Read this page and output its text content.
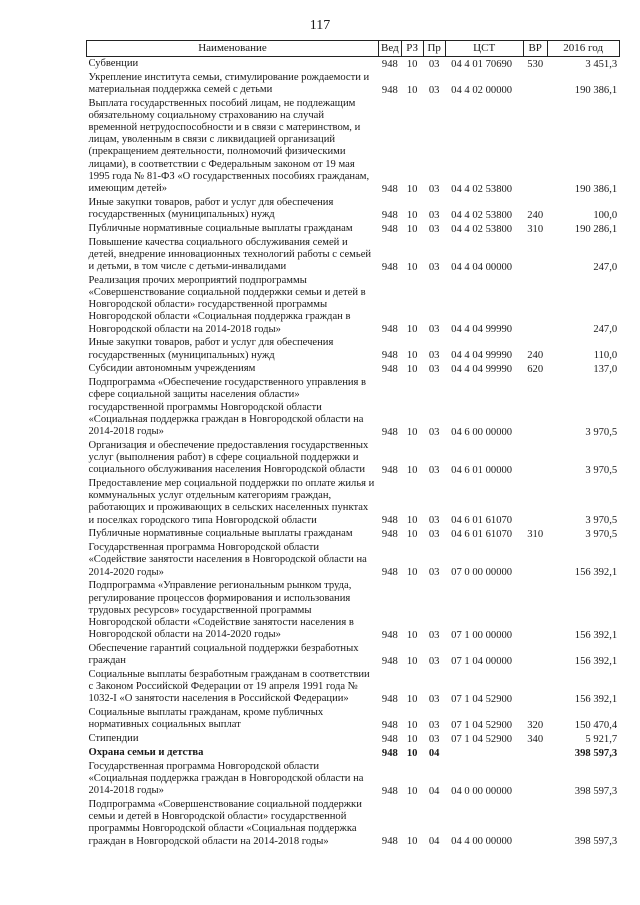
117
Наименование	Вед	РЗ	Пр	ЦСТ	ВР	2016 год
Субвенции	948	10	03	04 4 01 70690	530	3 451,3
Укрепление института семьи, стимулирование рождаемости и материальная поддержка семей с детьми	948	10	03	04 4 02 00000		190 386,1
Выплата государственных пособий лицам, не подлежащим обязательному социальному страхованию на случай временной нетрудоспособности и в связи с материнством, и лицам, уволенным в связи с ликвидацией организаций (прекращением деятельности, полномочий физическими лицами), в соответствии с Федеральным законом от 19 мая 1995 года № 81-ФЗ «О государственных пособиях гражданам, имеющим детей»	948	10	03	04 4 02 53800		190 386,1
Иные закупки товаров, работ и услуг для обеспечения государственных (муниципальных) нужд	948	10	03	04 4 02 53800	240	100,0
Публичные нормативные социальные выплаты гражданам	948	10	03	04 4 02 53800	310	190 286,1
Повышение качества социального обслуживания семей и детей, внедрение инновационных технологий работы с семьей и детьми, в том числе с детьми-инвалидами	948	10	03	04 4 04 00000		247,0
Реализация прочих мероприятий подпрограммы «Совершенствование социальной поддержки семьи и детей в Новгородской области» государственной программы Новгородской области «Социальная поддержка граждан в Новгородской области на 2014-2018 годы»	948	10	03	04 4 04 99990		247,0
Иные закупки товаров, работ и услуг для обеспечения государственных (муниципальных) нужд	948	10	03	04 4 04 99990	240	110,0
Субсидии автономным учреждениям	948	10	03	04 4 04 99990	620	137,0
Подпрограмма «Обеспечение государственного управления в сфере социальной защиты населения области» государственной программы Новгородской области «Социальная поддержка граждан в Новгородской области на 2014-2018 годы»	948	10	03	04 6 00 00000		3 970,5
Организация и обеспечение предоставления государственных услуг (выполнения работ) в сфере социальной поддержки и социального обслуживания населения Новгородской области	948	10	03	04 6 01 00000		3 970,5
Предоставление мер социальной поддержки по оплате жилья и коммунальных услуг отдельным категориям граждан, работающих и проживающих в сельских населенных пунктах и поселках городского типа Новгородской области	948	10	03	04 6 01 61070		3 970,5
Публичные нормативные социальные выплаты гражданам	948	10	03	04 6 01 61070	310	3 970,5
Государственная программа Новгородской области «Содействие занятости населения в Новгородской области на 2014-2020 годы»	948	10	03	07 0 00 00000		156 392,1
Подпрограмма «Управление региональным рынком труда, регулирование процессов формирования и использования трудовых ресурсов» государственной программы Новгородской области «Содействие занятости населения в Новгородской области на 2014-2020 годы»	948	10	03	07 1 00 00000		156 392,1
Обеспечение гарантий социальной поддержки безработных граждан	948	10	03	07 1 04 00000		156 392,1
Социальные выплаты безработным гражданам в соответствии с Законом Российской Федерации от 19 апреля 1991 года № 1032-I «О занятости населения в Российской Федерации»	948	10	03	07 1 04 52900		156 392,1
Социальные выплаты гражданам, кроме публичных нормативных социальных выплат	948	10	03	07 1 04 52900	320	150 470,4
Стипендии	948	10	03	07 1 04 52900	340	5 921,7
Охрана семьи и детства	948	10	04			398 597,3
Государственная программа Новгородской области «Социальная поддержка граждан в Новгородской области на 2014-2018 годы»	948	10	04	04 0 00 00000		398 597,3
Подпрограмма «Совершенствование социальной поддержки семьи и детей в Новгородской области» государственной программы Новгородской области «Социальная поддержка граждан в Новгородской области на 2014-2018 годы»	948	10	04	04 4 00 00000		398 597,3
